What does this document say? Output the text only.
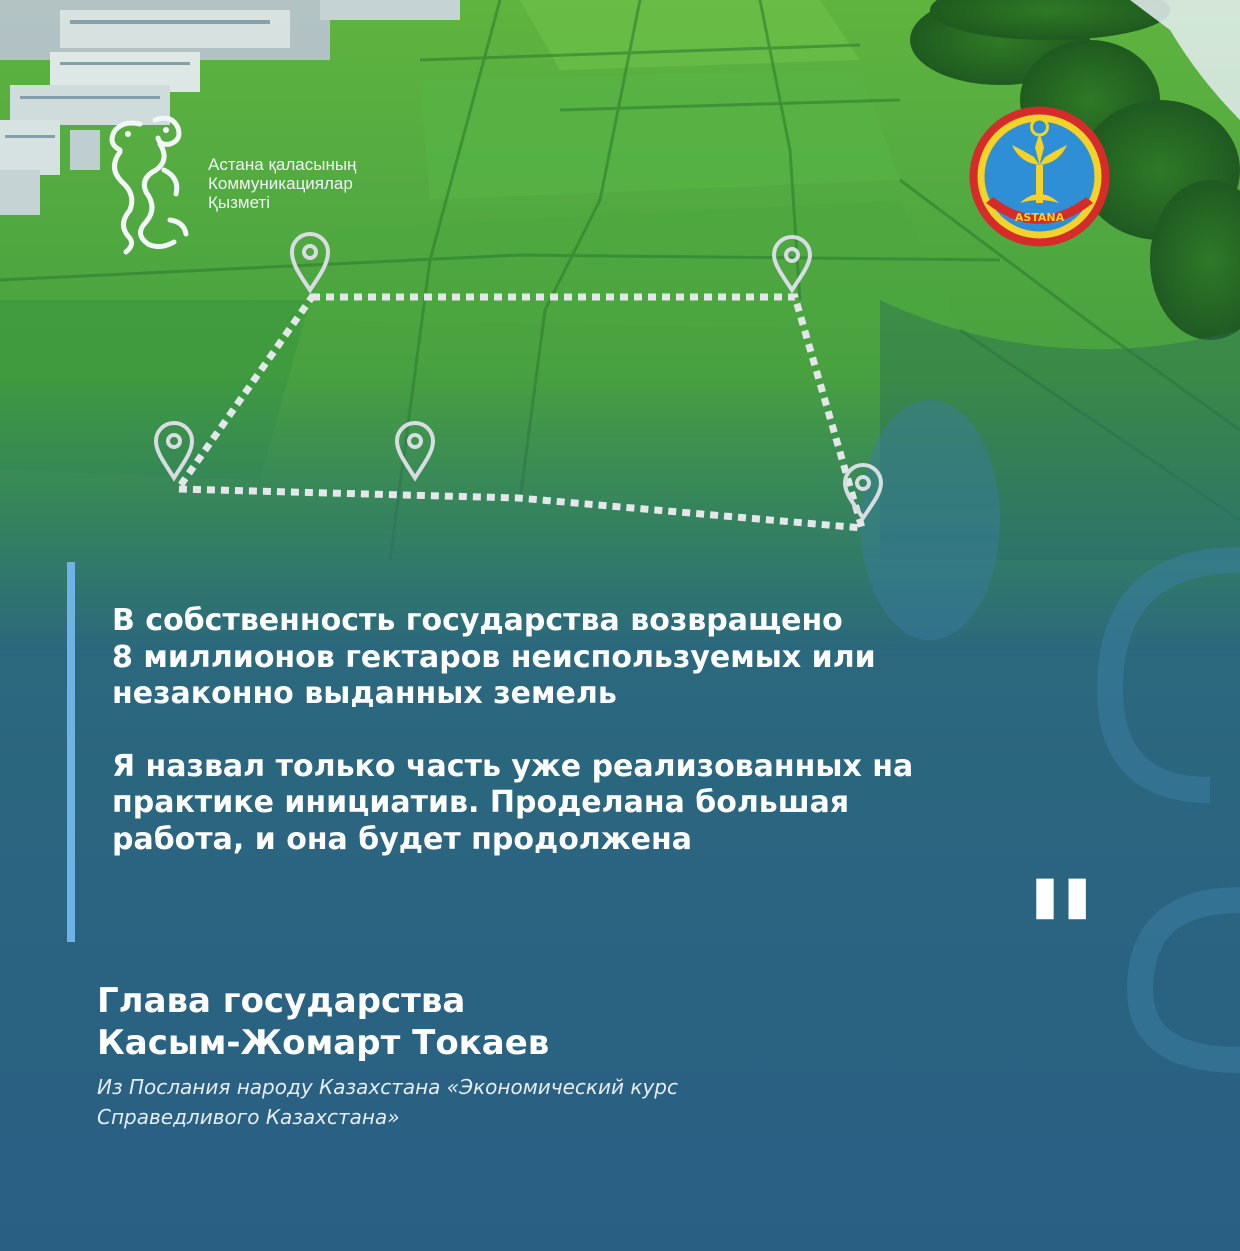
Астана қаласының
Коммуникациялар
Қызметі
ASTANA

В собственность государства возвращено

8 миллионов гектаров неиспользуемых или

незаконно выданных земель

Я назвал только часть уже реализованных на

практике инициатив. Проделана большая

работа, и она будет продолжена

"
Глава государства
Касым-Жомарт Токаев
Из Послания народу Казахстана «Экономический курс
Справедливого Казахстана»
